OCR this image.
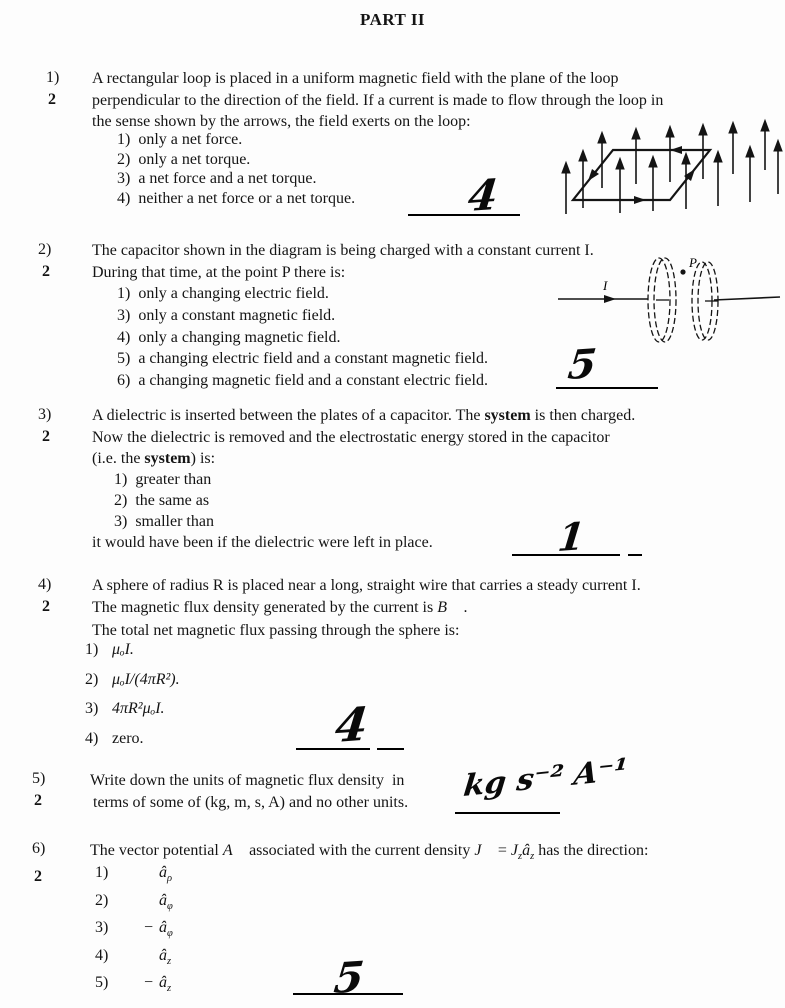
PART II
1)
2
A rectangular loop is placed in a uniform magnetic field with the plane of the loop
perpendicular to the direction of the field. If a current is made to flow through the loop in
the sense shown by the arrows, the field exerts on the loop:
1)  only a net force.
2)  only a net torque.
3)  a net force and a net torque.
4)  neither a net force or a net torque.	4
2)
2
The capacitor shown in the diagram is being charged with a constant current I.
During that time, at the point P there is:
1)  only a changing electric field.
3)  only a constant magnetic field.
4)  only a changing magnetic field.
5)  a changing electric field and a constant magnetic field.
6)  a changing magnetic field and a constant electric field. 5
I
P
3)
2
A dielectric is inserted between the plates of a capacitor. The system is then charged.
Now the dielectric is removed and the electrostatic energy stored in the capacitor
(i.e. the system) is:
1)  greater than
2)  the same as
3)  smaller than
it would have been if the dielectric were left in place.	1
4)
2
A sphere of radius R is placed near a long, straight wire that carries a steady current I.
The magnetic flux density generated by the current is B⃗ .
The total net magnetic flux passing through the sphere is:
1) μₒI.
2) μₒI/(4πR²).
3) 4πR²μₒI.
4) zero.	4
5)
2
Write down the units of magnetic flux density  in
terms of some of (kg, m, s, A) and no other units. kg s⁻² A⁻¹
6)
2
The vector potential A⃗ associated with the current density J⃗ = $J_zâ_z$ has the direction:
1)	$â_\rho$
2)	$â_\varphi$
$3) - â_\varphi$
4)	$â_z$
$5) - â_z$	5
